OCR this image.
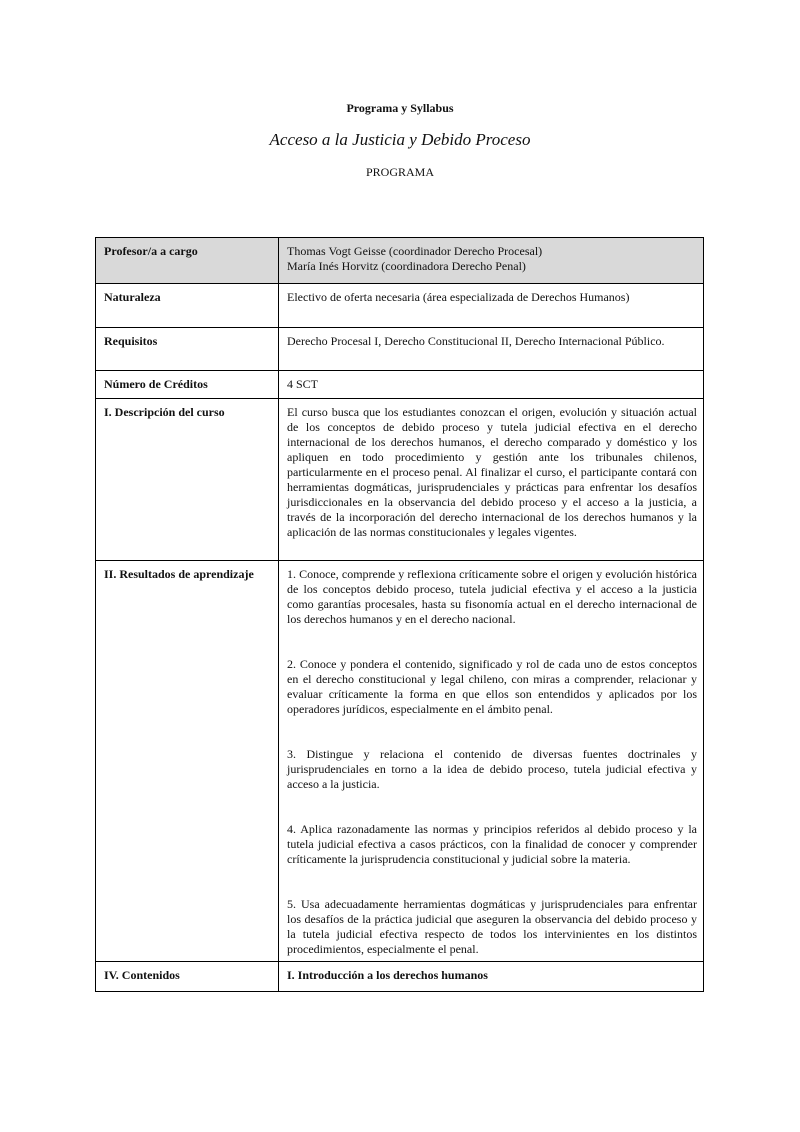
Programa y Syllabus
Acceso a la Justicia y Debido Proceso
PROGRAMA
Profesor/a a cargo	Thomas Vogt Geisse (coordinador Derecho Procesal)
María Inés Horvitz (coordinadora Derecho Penal)

Naturaleza	Electivo de oferta necesaria (área especializada de Derechos Humanos)
Requisitos	Derecho Procesal I, Derecho Constitucional II, Derecho Internacional Público.
Número de Créditos	4 SCT
I. Descripción del curso	El curso busca que los estudiantes conozcan el origen, evolución y situación actual de los conceptos de debido proceso y tutela judicial efectiva en el derecho internacional de los derechos humanos, el derecho comparado y doméstico y los apliquen en todo procedimiento y gestión ante los tribunales chilenos, particularmente en el proceso penal. Al finalizar el curso, el participante contará con herramientas dogmáticas, jurisprudenciales y prácticas para enfrentar los desafíos jurisdiccionales en la observancia del debido proceso y el acceso a la justicia, a través de la incorporación del derecho internacional de los derechos humanos y la aplicación de las normas constitucionales y legales vigentes.
II. Resultados de aprendizaje	1. Conoce, comprende y reflexiona críticamente sobre el origen y evolución histórica de los conceptos debido proceso, tutela judicial efectiva y el acceso a la justicia como garantías procesales, hasta su fisonomía actual en el derecho internacional de los derechos humanos y en el derecho nacional.

2. Conoce y pondera el contenido, significado y rol de cada uno de estos conceptos en el derecho constitucional y legal chileno, con miras a comprender, relacionar y evaluar críticamente la forma en que ellos son entendidos y aplicados por los operadores jurídicos, especialmente en el ámbito penal.

3. Distingue y relaciona el contenido de diversas fuentes doctrinales y jurisprudenciales en torno a la idea de debido proceso, tutela judicial efectiva y acceso a la justicia.

4. Aplica razonadamente las normas y principios referidos al debido proceso y la tutela judicial efectiva a casos prácticos, con la finalidad de conocer y comprender críticamente la jurisprudencia constitucional y judicial sobre la materia.

5. Usa adecuadamente herramientas dogmáticas y jurisprudenciales para enfrentar los desafíos de la práctica judicial que aseguren la observancia del debido proceso y la tutela judicial efectiva respecto de todos los intervinientes en los distintos procedimientos, especialmente el penal.

IV. Contenidos	I. Introducción a los derechos humanos
